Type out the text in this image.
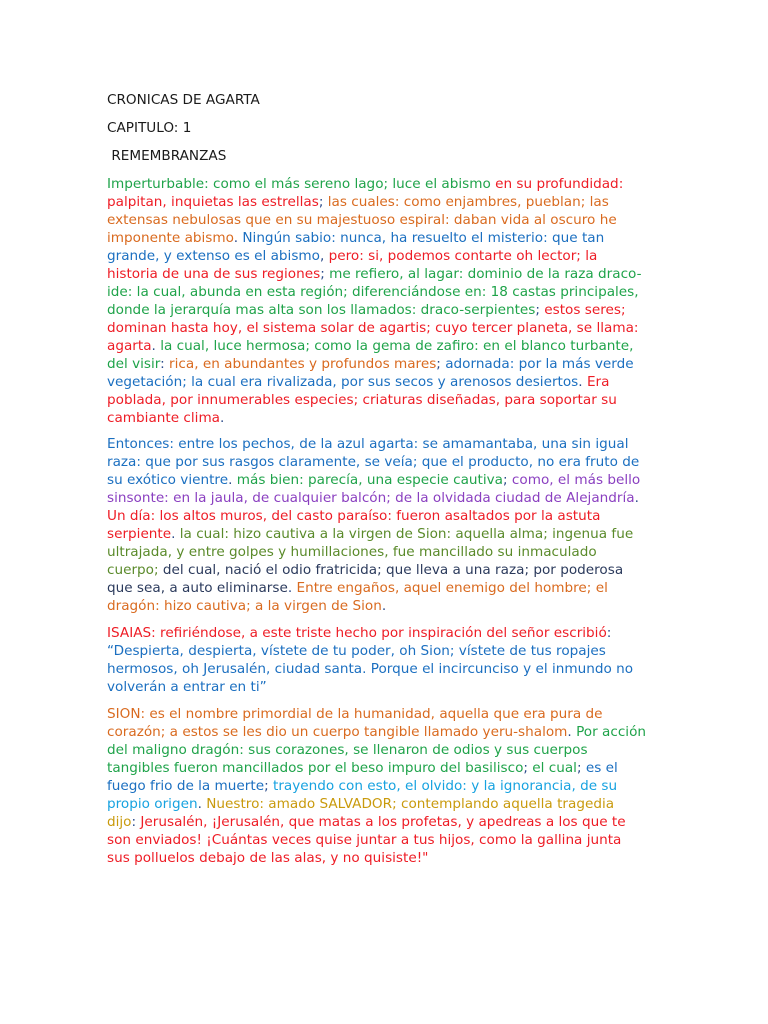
CRONICAS DE AGARTA
CAPITULO: 1
REMEMBRANZAS

Imperturbable: como el más sereno lago; luce el abismo en su profundidad: palpitan, inquietas las estrellas; las cuales: como enjambres, pueblan; las extensas nebulosas que en su majestuoso espiral: daban vida al oscuro he imponente abismo. Ningún sabio: nunca, ha resuelto el misterio: que tan grande, y extenso es el abismo, pero: si, podemos contarte oh lector; la historia de una de sus regiones; me refiero, al lagar: dominio de la raza draco-ide: la cual, abunda en esta región; diferenciándose en: 18 castas principales, donde la jerarquía mas alta son los llamados: draco-serpientes; estos seres; dominan hasta hoy, el sistema solar de agartis; cuyo tercer planeta, se llama: agarta. la cual, luce hermosa; como la gema de zafiro: en el blanco turbante, del visir: rica, en abundantes y profundos mares; adornada: por la más verde vegetación; la cual era rivalizada, por sus secos y arenosos desiertos. Era poblada, por innumerables especies; criaturas diseñadas, para soportar su cambiante clima.

Entonces: entre los pechos, de la azul agarta: se amamantaba, una sin igual raza: que por sus rasgos claramente, se veía; que el producto, no era fruto de su exótico vientre. más bien: parecía, una especie cautiva; como, el más bello sinsonte: en la jaula, de cualquier balcón; de la olvidada ciudad de Alejandría. Un día: los altos muros, del casto paraíso: fueron asaltados por la astuta serpiente. la cual: hizo cautiva a la virgen de Sion: aquella alma; ingenua fue ultrajada, y entre golpes y humillaciones, fue mancillado su inmaculado cuerpo; del cual, nació el odio fratricida; que lleva a una raza; por poderosa que sea, a auto eliminarse. Entre engaños, aquel enemigo del hombre; el dragón: hizo cautiva; a la virgen de Sion.

ISAIAS: refiriéndose, a este triste hecho por inspiración del señor escribió: “Despierta, despierta, vístete de tu poder, oh Sion; vístete de tus ropajes hermosos, oh Jerusalén, ciudad santa. Porque el incircunciso y el inmundo no volverán a entrar en ti”

SION: es el nombre primordial de la humanidad, aquella que era pura de corazón; a estos se les dio un cuerpo tangible llamado yeru-shalom. Por acción del maligno dragón: sus corazones, se llenaron de odios y sus cuerpos tangibles fueron mancillados por el beso impuro del basilisco; el cual; es el fuego frio de la muerte; trayendo con esto, el olvido: y la ignorancia, de su propio origen. Nuestro: amado SALVADOR; contemplando aquella tragedia dijo: Jerusalén, ¡Jerusalén, que matas a los profetas, y apedreas a los que te son enviados! ¡Cuántas veces quise juntar a tus hijos, como la gallina junta sus polluelos debajo de las alas, y no quisiste!"
